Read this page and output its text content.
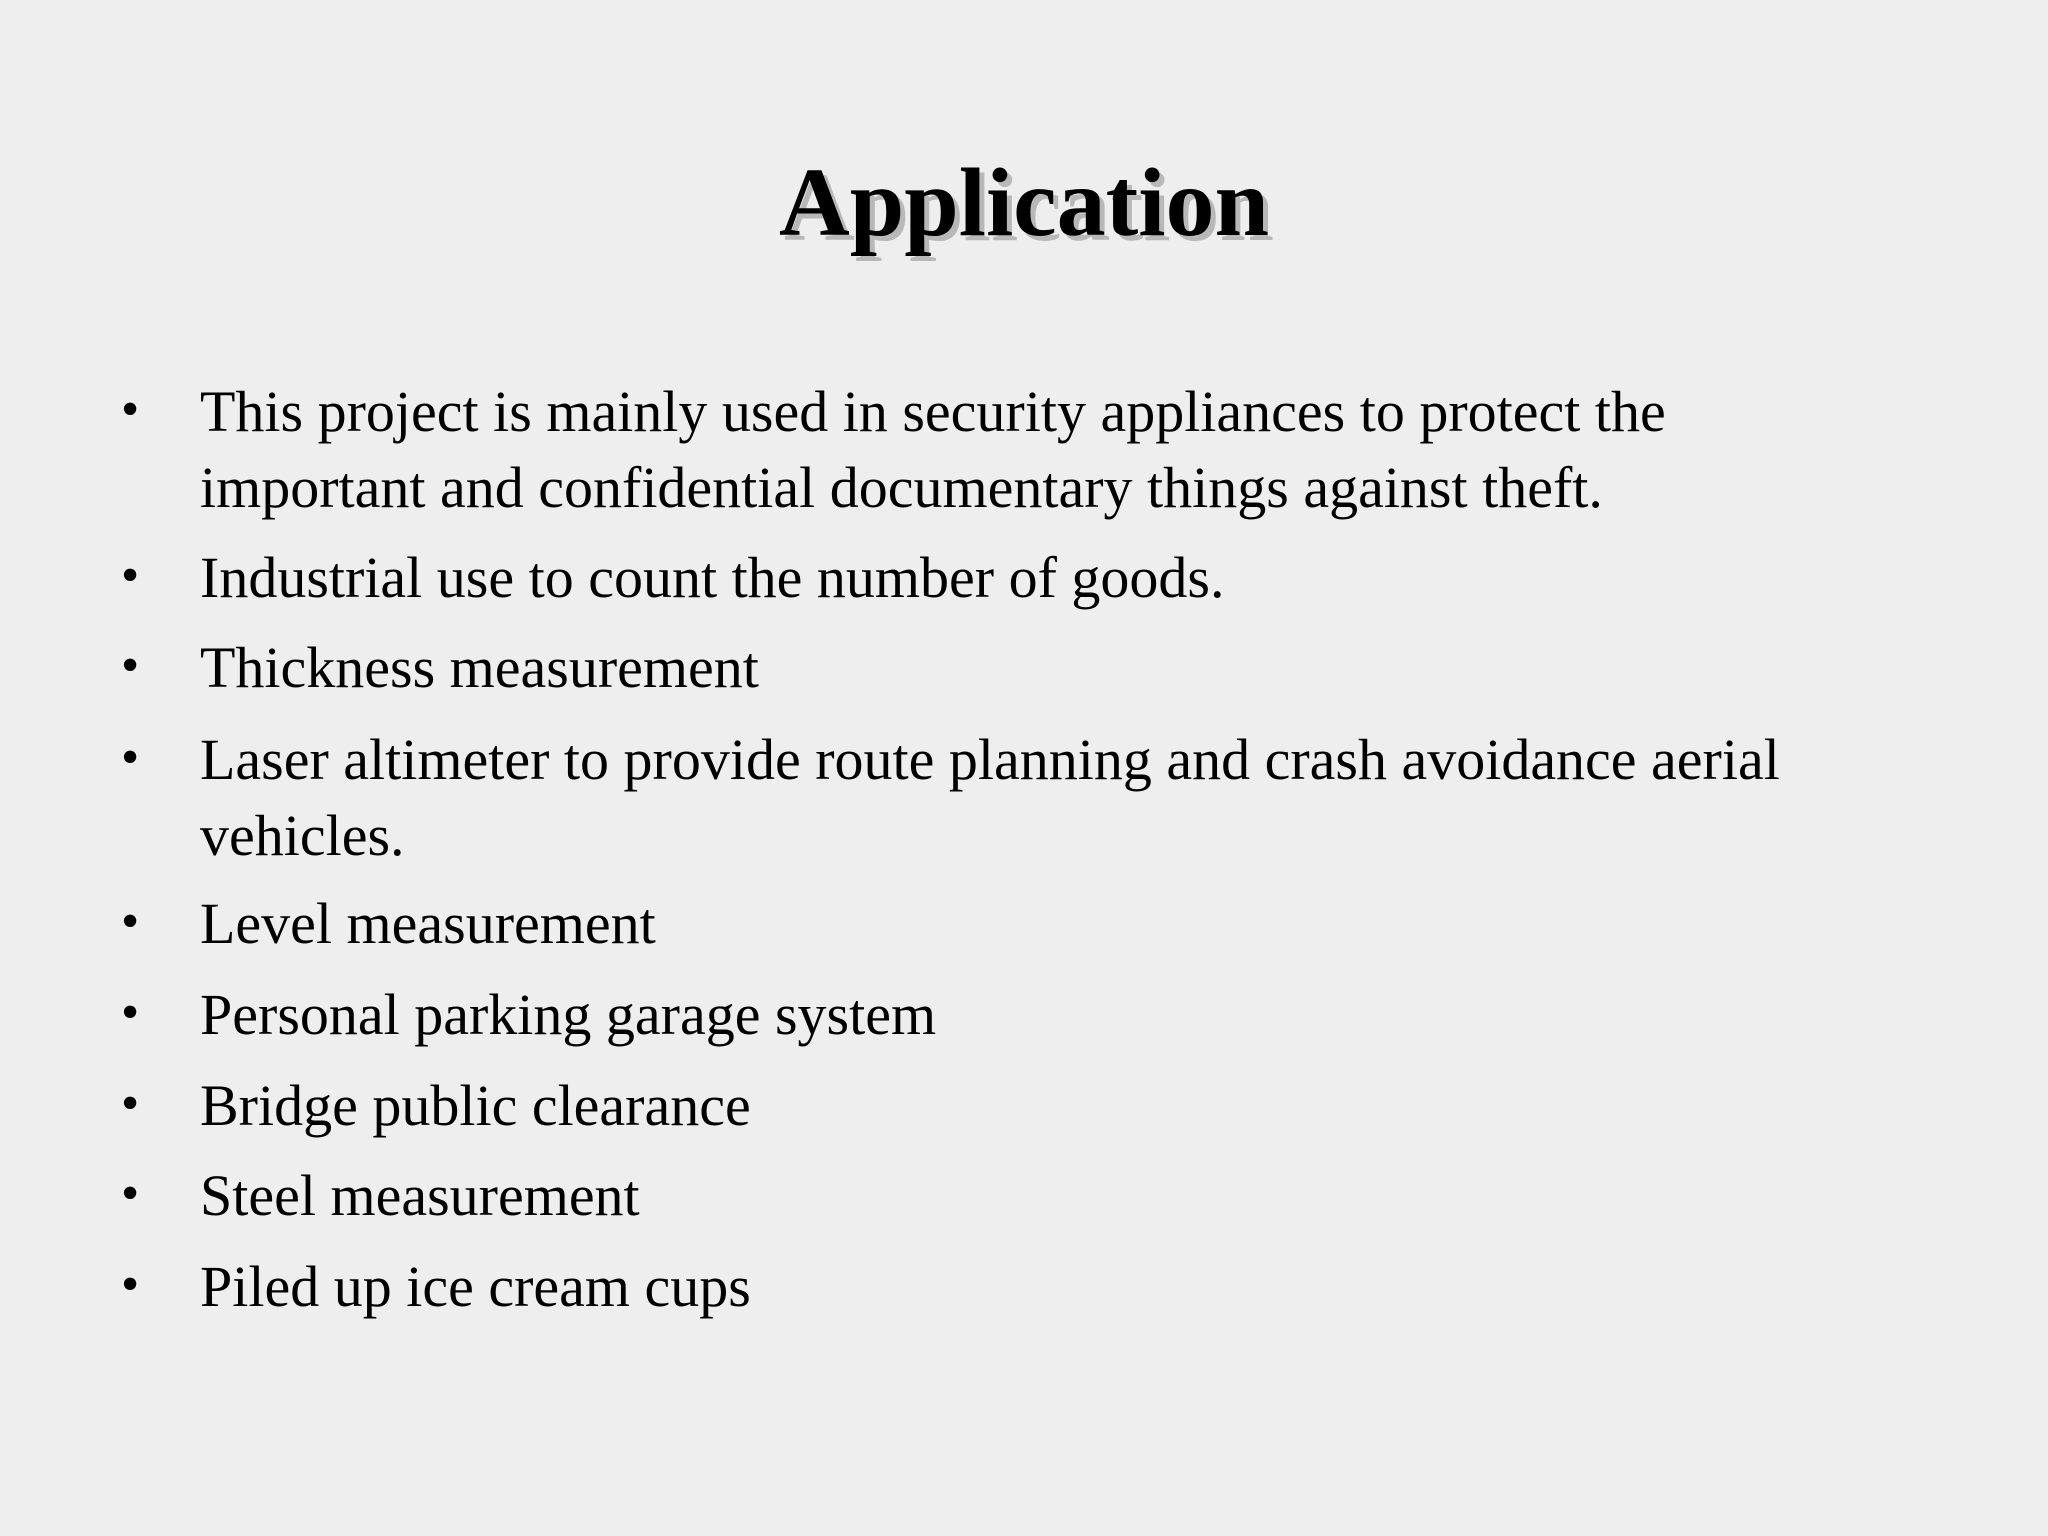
Application
• This project is mainly used in security appliances to protect the
important and confidential documentary things against theft.
• Industrial use to count the number of goods.
• Thickness measurement
• Laser altimeter to provide route planning and crash avoidance aerial
vehicles.
• Level measurement
• Personal parking garage system
• Bridge public clearance
• Steel measurement
• Piled up ice cream cups
